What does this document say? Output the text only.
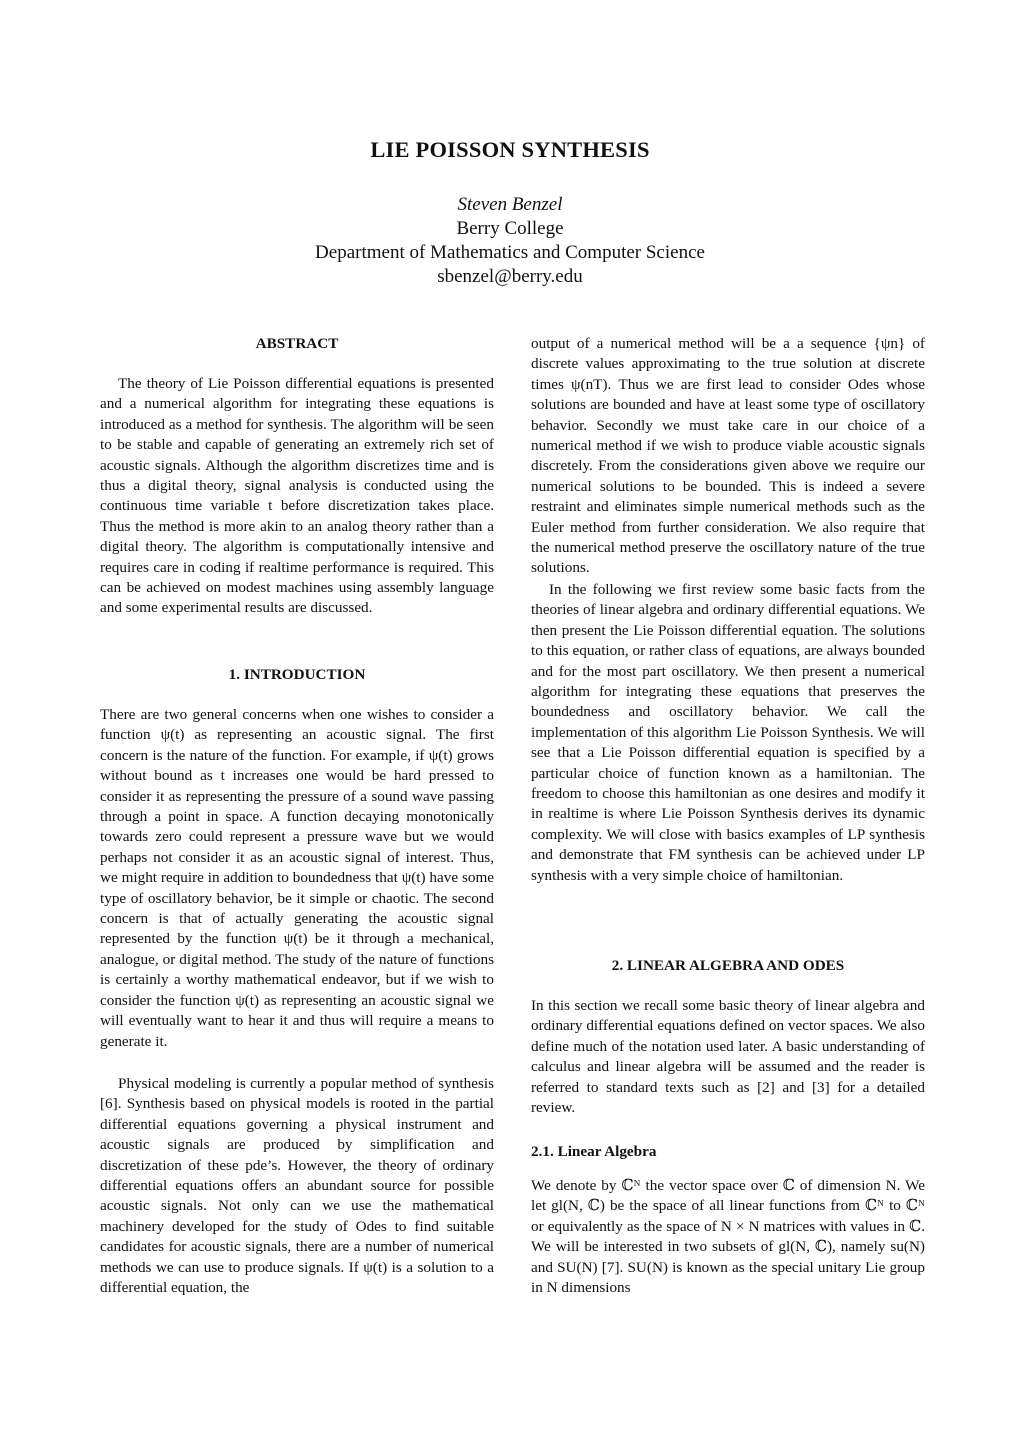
LIE POISSON SYNTHESIS
Steven Benzel
Berry College
Department of Mathematics and Computer Science
sbenzel@berry.edu
ABSTRACT

The theory of Lie Poisson differential equations is presented and a numerical algorithm for integrating these equations is introduced as a method for synthesis. The algorithm will be seen to be stable and capable of generating an extremely rich set of acoustic signals. Although the algorithm discretizes time and is thus a digital theory, signal analysis is conducted using the continuous time variable t before discretization takes place. Thus the method is more akin to an analog theory rather than a digital theory. The algorithm is computationally intensive and requires care in coding if realtime performance is required. This can be achieved on modest machines using assembly language and some experimental results are discussed.

1. INTRODUCTION

There are two general concerns when one wishes to consider a function ψ(t) as representing an acoustic signal. The first concern is the nature of the function. For example, if ψ(t) grows without bound as t increases one would be hard pressed to consider it as representing the pressure of a sound wave passing through a point in space. A function decaying monotonically towards zero could represent a pressure wave but we would perhaps not consider it as an acoustic signal of interest. Thus, we might require in addition to boundedness that ψ(t) have some type of oscillatory behavior, be it simple or chaotic. The second concern is that of actually generating the acoustic signal represented by the function ψ(t) be it through a mechanical, analogue, or digital method. The study of the nature of functions is certainly a worthy mathematical endeavor, but if we wish to consider the function ψ(t) as representing an acoustic signal we will eventually want to hear it and thus will require a means to generate it.

Physical modeling is currently a popular method of synthesis [6]. Synthesis based on physical models is rooted in the partial differential equations governing a physical instrument and acoustic signals are produced by simplification and discretization of these pde’s. However, the theory of ordinary differential equations offers an abundant source for possible acoustic signals. Not only can we use the mathematical machinery developed for the study of Odes to find suitable candidates for acoustic signals, there are a number of numerical methods we can use to produce signals. If ψ(t) is a solution to a differential equation, the

output of a numerical method will be a a sequence {ψn} of discrete values approximating to the true solution at discrete times ψ(nT). Thus we are first lead to consider Odes whose solutions are bounded and have at least some type of oscillatory behavior. Secondly we must take care in our choice of a numerical method if we wish to produce viable acoustic signals discretely. From the considerations given above we require our numerical solutions to be bounded. This is indeed a severe restraint and eliminates simple numerical methods such as the Euler method from further consideration. We also require that the numerical method preserve the oscillatory nature of the true solutions.

In the following we first review some basic facts from the theories of linear algebra and ordinary differential equations. We then present the Lie Poisson differential equation. The solutions to this equation, or rather class of equations, are always bounded and for the most part oscillatory. We then present a numerical algorithm for integrating these equations that preserves the boundedness and oscillatory behavior. We call the implementation of this algorithm Lie Poisson Synthesis. We will see that a Lie Poisson differential equation is specified by a particular choice of function known as a hamiltonian. The freedom to choose this hamiltonian as one desires and modify it in realtime is where Lie Poisson Synthesis derives its dynamic complexity. We will close with basics examples of LP synthesis and demonstrate that FM synthesis can be achieved under LP synthesis with a very simple choice of hamiltonian.

2. LINEAR ALGEBRA AND ODES

In this section we recall some basic theory of linear algebra and ordinary differential equations defined on vector spaces. We also define much of the notation used later. A basic understanding of calculus and linear algebra will be assumed and the reader is referred to standard texts such as [2] and [3] for a detailed review.

2.1. Linear Algebra

We denote by ℂᴺ the vector space over ℂ of dimension N. We let gl(N, ℂ) be the space of all linear functions from ℂᴺ to ℂᴺ or equivalently as the space of N × N matrices with values in ℂ. We will be interested in two subsets of gl(N, ℂ), namely su(N) and SU(N) [7]. SU(N) is known as the special unitary Lie group in N dimensions
